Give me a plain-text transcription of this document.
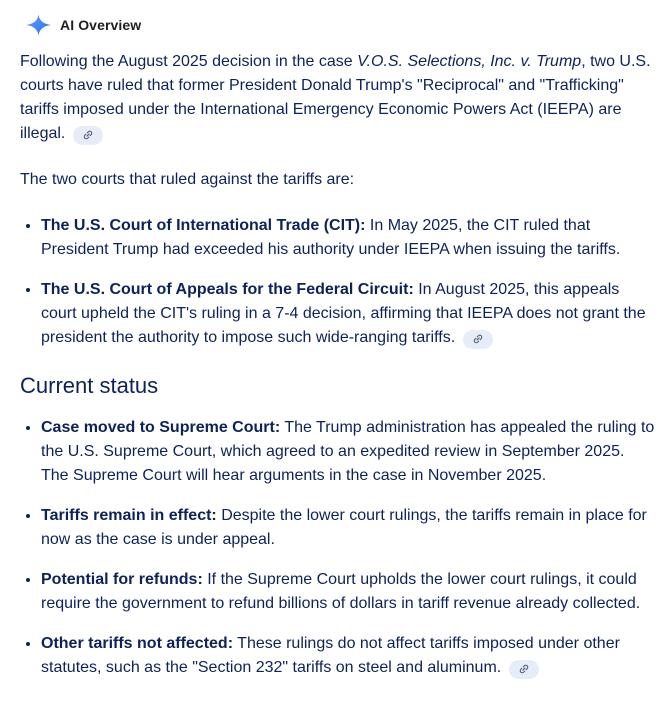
AI Overview

Following the August 2025 decision in the case V.O.S. Selections, Inc. v. Trump, two U.S. courts have ruled that former President Donald Trump's "Reciprocal" and "Trafficking" tariffs imposed under the International Emergency Economic Powers Act (IEEPA) are illegal.

The two courts that ruled against the tariffs are:

The U.S. Court of International Trade (CIT): In May 2025, the CIT ruled that President Trump had exceeded his authority under IEEPA when issuing the tariffs.
The U.S. Court of Appeals for the Federal Circuit: In August 2025, this appeals court upheld the CIT's ruling in a 7-4 decision, affirming that IEEPA does not grant the president the authority to impose such wide-ranging tariffs.
Current status
Case moved to Supreme Court: The Trump administration has appealed the ruling to the U.S. Supreme Court, which agreed to an expedited review in September 2025. The Supreme Court will hear arguments in the case in November 2025.
Tariffs remain in effect: Despite the lower court rulings, the tariffs remain in place for now as the case is under appeal.
Potential for refunds: If the Supreme Court upholds the lower court rulings, it could require the government to refund billions of dollars in tariff revenue already collected.
Other tariffs not affected: These rulings do not affect tariffs imposed under other statutes, such as the "Section 232" tariffs on steel and aluminum.
